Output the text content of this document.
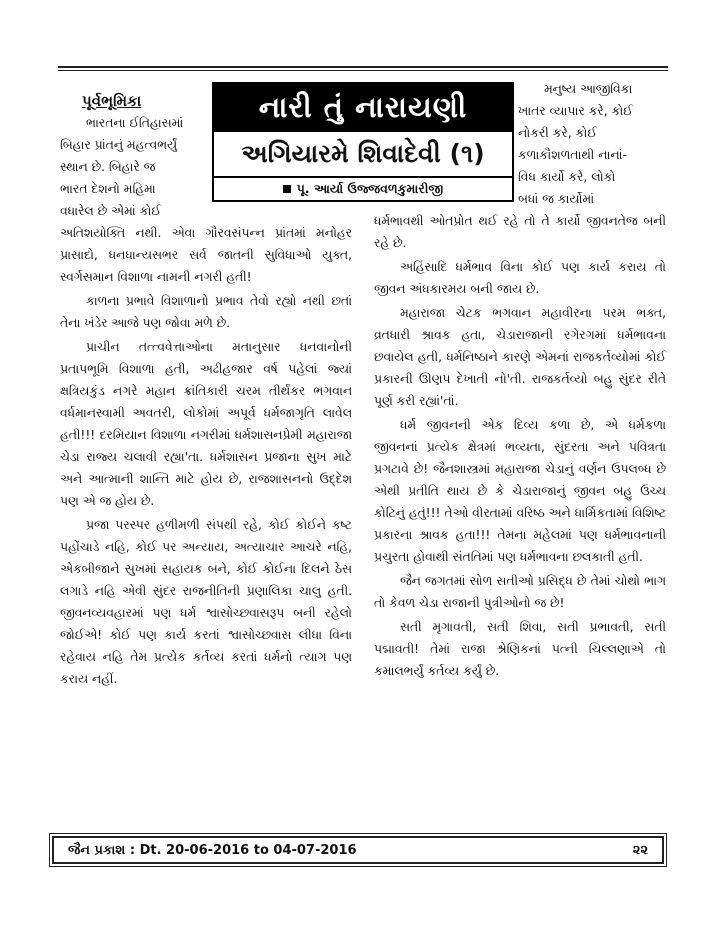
નારી તું નારાયણી
અગિયારમે શિવાદેવી (૧)
પૂ. આર્યા ઉજ્જવળકુમારીજી
પૂર્વભૂમિકા

ભારતના ઈતિહાસમાં

બિહાર પ્રાંતનું મહત્વભર્યું

સ્થાન છે. બિહારે જ

ભારત દેશનો મહિમા

વધારેલ છે એમાં કોઈ

અતિશયોક્તિ નથી. એવા ગૌરવસંપન્ન પ્રાંતમાં મનોહર પ્રાસાદો, ધનધાન્યસભર સર્વ જાતની સુવિધાઓ યુક્ત, સ્વર્ગસમાન વિશાળા નામની નગરી હતી!

કાળના પ્રભાવે વિશાળાનો પ્રભાવ તેવો રહ્યો નથી છતાં તેના ખંડેર આજે પણ જોવા મળે છે.

પ્રાચીન તત્ત્વવેત્તાઓના મતાનુસાર ધનવાનોની પ્રતાપભૂમિ વિશાળા હતી, અઢીહજાર વર્ષ પહેલાં જ્યાં ક્ષત્રિયકુંડ નગરે મહાન ક્રાંતિકારી ચરમ તીર્થંકર ભગવાન વર્ધમાનસ્વામી અવતરી, લોકોમાં અપૂર્વ ધર્મજાગૃતિ લાવેલ હતી!!! દરમિયાન વિશાળા નગરીમાં ધર્મશાસનપ્રેમી મહારાજા ચેડા રાજ્ય ચલાવી રહ્યા'તા. ધર્મશાસન પ્રજાના સુખ માટે અને આત્માની શાન્તિ માટે હોય છે, રાજશાસનનો ઉદ્દેશ પણ એ જ હોય છે.

પ્રજા પરસ્પર હળીમળી સંપથી રહે, કોઈ કોઈને કષ્ટ પહોંચાડે નહિ, કોઈ પર અન્યાય, અત્યાચાર આચરે નહિ, એકબીજાને સુખમાં સહાયક બને, કોઈ કોઈના દિલને ઠેસ લગાડે નહિ એવી સુંદર રાજનીતિની પ્રણાલિકા ચાલુ હતી. જીવનવ્યવહારમાં પણ ધર્મ શ્વાસોચ્છવાસરૂપ બની રહેલો જોઈએ! કોઈ પણ કાર્ય કરતાં શ્વાસોચ્છ્વાસ લીધા વિના રહેવાય નહિ તેમ પ્રત્યેક કર્તવ્ય કરતાં ધર્મનો ત્યાગ પણ કરાય નહીં.

મનુષ્ય આજીવિકા

ખાતર વ્યાપાર કરે, કોઈ

નોકરી કરે, કોઈ

કળાકૌશળતાથી નાનાં-

વિધ કાર્યો કરે, લોકો

બધાં જ કાર્યોમાં

ધર્મભાવથી ઓતપ્રોત થઈ રહે તો તે કાર્યો જીવનતેજ બની રહે છે.

અહિંસાદિ ધર્મભાવ વિના કોઈ પણ કાર્ય કરાય તો જીવન અંધકારમય બની જાય છે.

મહારાજા ચેટક ભગવાન મહાવીરના પરમ ભક્ત, વ્રતધારી શ્રાવક હતા, ચેડારાજાની રગેરગમાં ધર્મભાવના છવાયેલ હતી, ધર્મનિષ્ઠાને કારણે એમનાં રાજકર્તવ્યોમાં કોઈ પ્રકારની ઊણપ દેખાતી નો'તી. રાજકર્તવ્યો બહુ સુંદર રીતે પૂર્ણ કરી રહ્યાં'તાં.

ધર્મ જીવનની એક દિવ્ય કળા છે, એ ધર્મકળા જીવનનાં પ્રત્યેક ક્ષેત્રમાં ભવ્યતા, સુંદરતા અને પવિત્રતા પ્રગટાવે છે! જૈનશાસ્ત્રમાં મહારાજા ચેડાનું વર્ણન ઉપલબ્ધ છે એથી પ્રતીતિ થાય છે કે ચેડારાજાનું જીવન બહુ ઉચ્ચ કોટિનું હતું!!! તેઓ વીરતામાં વરિષ્ઠ અને ધાર્મિકતામાં વિશિષ્ટ પ્રકારના શ્રાવક હતા!!! તેમના મહેલમાં પણ ધર્મભાવનાની પ્રચુરતા હોવાથી સંતતિમાં પણ ધર્મભાવના છલકાતી હતી.

જૈન જગતમાં સોળ સતીઓ પ્રસિદ્ધ છે તેમાં ચોથો ભાગ તો કેવળ ચેડા રાજાની પુત્રીઓનો જ છે!

સતી મૃગાવતી, સતી શિવા, સતી પ્રભાવતી, સતી પદ્માવતી! તેમાં રાજા શ્રેણિકનાં પત્ની ચિલ્લણાએ તો કમાલભર્યું કર્તવ્ય કર્યું છે.

જૈન પ્રકાશ : Dt. 20-06-2016 to 04-07-2016	૨૨
